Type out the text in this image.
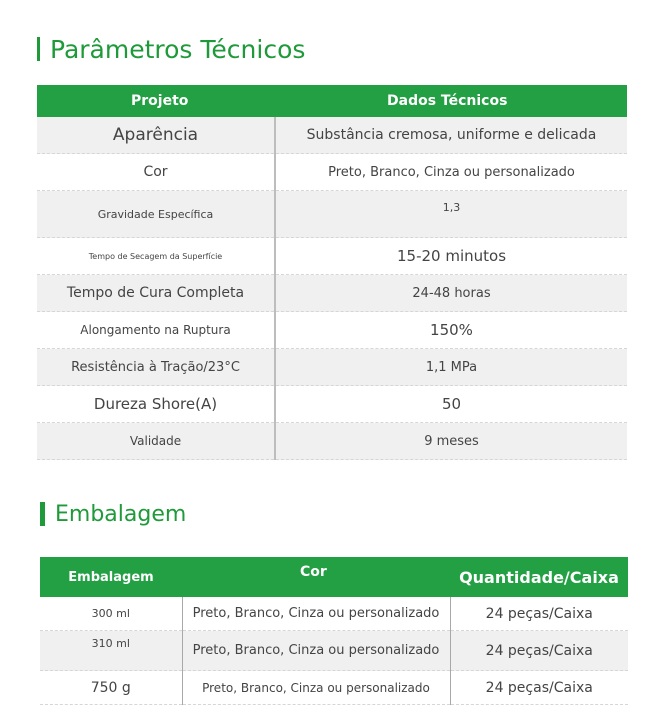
Parâmetros Técnicos
Projeto	Dados Técnicos
Aparência	Substância cremosa, uniforme e delicada
Cor	Preto, Branco, Cinza ou personalizado
Gravidade Específica	1,3
Tempo de Secagem da Superfície	15-20 minutos
Tempo de Cura Completa	24-48 horas
Alongamento na Ruptura	150%
Resistência à Tração/23°C	1,1 MPa
Dureza Shore(A)	50
Validade	9 meses
Embalagem
Embalagem	Cor	Quantidade/Caixa
300 ml	Preto, Branco, Cinza ou personalizado	24 peças/Caixa
310 ml	Preto, Branco, Cinza ou personalizado	24 peças/Caixa
750 g	Preto, Branco, Cinza ou personalizado	24 peças/Caixa
